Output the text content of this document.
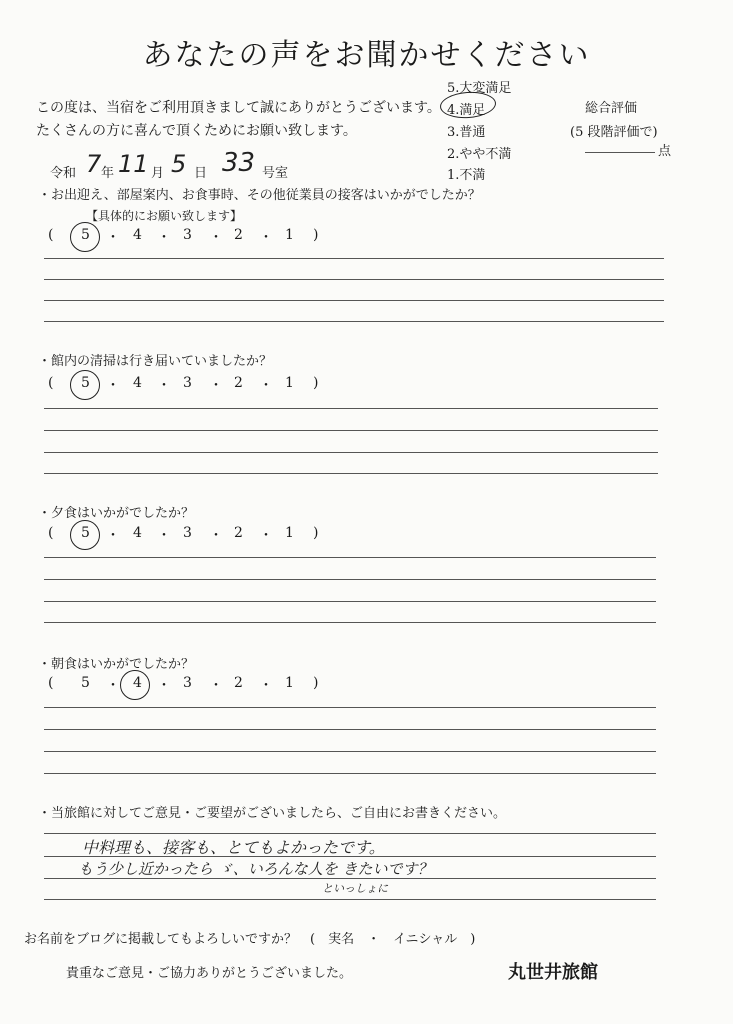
あなたの声をお聞かせください
この度は、当宿をご利用頂きまして誠にありがとうございます。
たくさんの方に喜んで頂くためにお願い致します。
5.大変満足
4.満足
3.普通
2.やや不満
1.不満
総合評価
(5 段階評価で)
点
令和 7 年 11 月 5 日 33 号室
・お出迎え、部屋案内、お食事時、その他従業員の接客はいかがでしたか？
【具体的にお願い致します】
( 5 ・ 4 ・ 3 ・ 2 ・ 1 )
・館内の清掃は行き届いていましたか？
( 5 ・ 4 ・ 3 ・ 2 ・ 1 )
・夕食はいかがでしたか？
( 5 ・ 4 ・ 3 ・ 2 ・ 1 )
・朝食はいかがでしたか？
( 5 ・ 4 ・ 3 ・ 2 ・ 1 )
・当旅館に対してご意見・ご要望がございましたら、ご自由にお書きください。
中料理も、接客も、とてもよかったです。
もう少し近かったら ゞ、いろんな人を きたいです？
といっしょに
お名前をブログに掲載してもよろしいですか？ (　実名　・　イニシャル　)
貴重なご意見・ご協力ありがとうございました。	丸世井旅館
